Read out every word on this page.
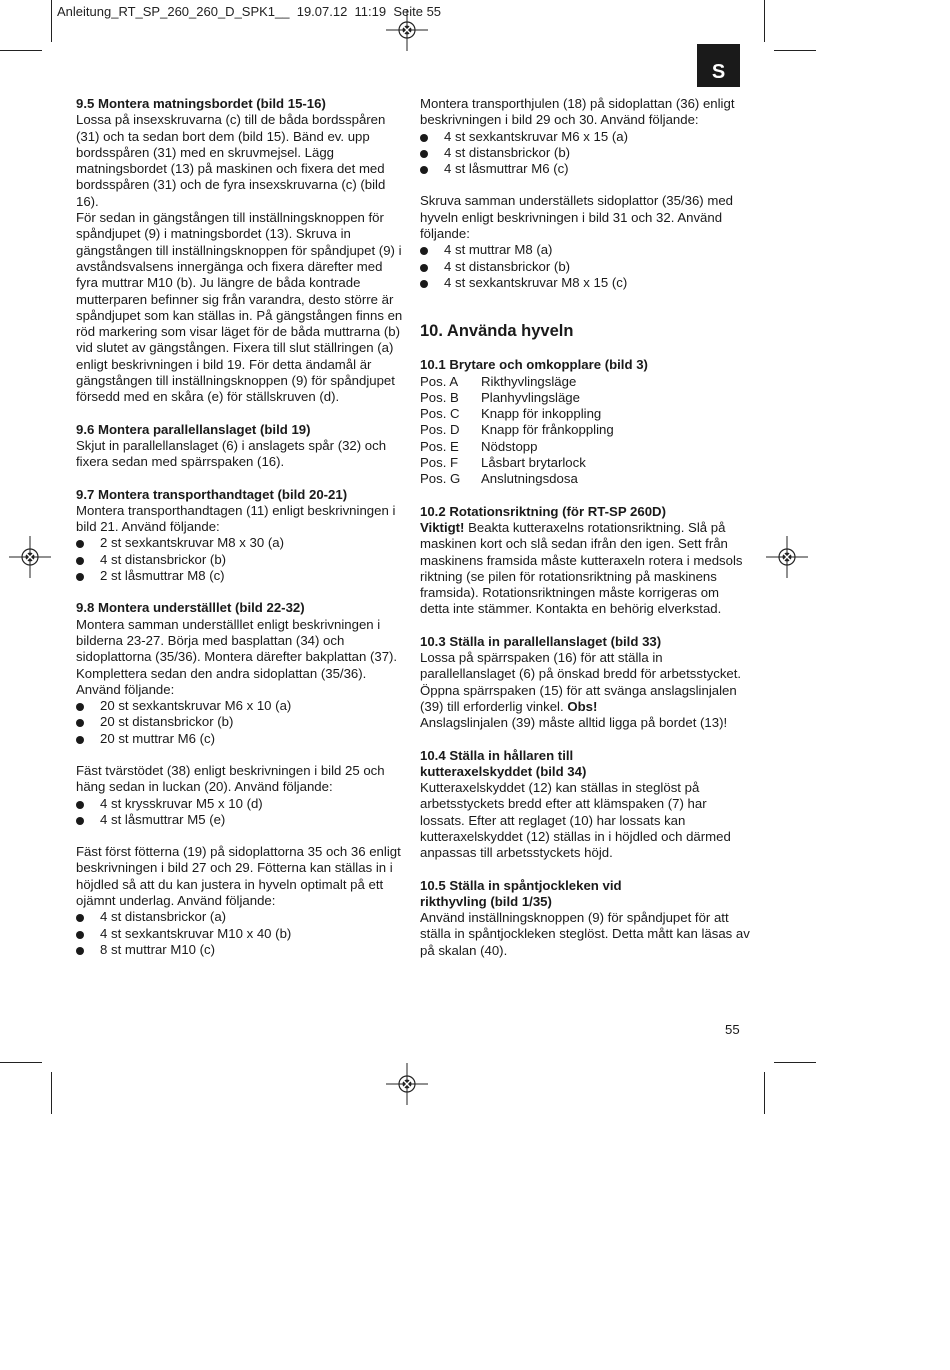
Anleitung_RT_SP_260_260_D_SPK1__  19.07.12  11:19  Seite 55
S

9.5 Montera matningsbordet (bild 15-16)

Lossa på insexskruvarna (c) till de båda bordsspåren (31) och ta sedan bort dem (bild 15). Bänd ev. upp bordsspåren (31) med en skruvmejsel. Lägg matningsbordet (13) på maskinen och fixera det med bordsspåren (31) och de fyra insexskruvarna (c) (bild 16).

För sedan in gängstången till inställningsknoppen för spåndjupet (9) i matningsbordet (13). Skruva in gängstången till inställningsknoppen för spåndjupet (9) i avståndsvalsens innergänga och fixera därefter med fyra muttrar M10 (b). Ju längre de båda kontrade mutterparen befinner sig från varandra, desto större är spåndjupet som kan ställas in. På gängstången finns en röd markering som visar läget för de båda muttrarna (b) vid slutet av gängstången. Fixera till slut ställringen (a) enligt beskrivningen i bild 19. För detta ändamål är gängstången till inställningsknoppen (9) för spåndjupet försedd med en skåra (e) för ställskruven (d).

9.6 Montera parallellanslaget (bild 19)

Skjut in parallellanslaget (6) i anslagets spår (32) och fixera sedan med spärrspaken (16).

9.7 Montera transporthandtaget (bild 20-21)

Montera transporthandtagen (11) enligt beskrivningen i bild 21. Använd följande:

2 st sexkantskruvar M8 x 30 (a)
4 st distansbrickor (b)
2 st låsmuttrar M8 (c)

9.8 Montera underställlet (bild 22-32)

Montera samman underställlet enligt beskrivningen i bilderna 23-27. Börja med basplattan (34) och sidoplattorna (35/36). Montera därefter bakplattan (37). Komplettera sedan den andra sidoplattan (35/36). Använd följande:

20 st sexkantskruvar M6 x 10 (a)
20 st distansbrickor (b)
20 st muttrar M6 (c)

Fäst tvärstödet (38) enligt beskrivningen i bild 25 och häng sedan in luckan (20). Använd följande:

4 st krysskruvar M5 x 10 (d)
4 st låsmuttrar M5 (e)

Fäst först fötterna (19) på sidoplattorna 35 och 36 enligt beskrivningen i bild 27 och 29. Fötterna kan ställas in i höjdled så att du kan justera in hyveln optimalt på ett ojämnt underlag. Använd följande:

4 st distansbrickor (a)
4 st sexkantskruvar M10 x 40 (b)
8 st muttrar M10 (c)

Montera transporthjulen (18) på sidoplattan (36) enligt beskrivningen i bild 29 och 30. Använd följande:

4 st sexkantskruvar M6 x 15 (a)
4 st distansbrickor (b)
4 st låsmuttrar M6 (c)

Skruva samman underställets sidoplattor (35/36) med hyveln enligt beskrivningen i bild 31 och 32. Använd följande:

4 st muttrar M8 (a)
4 st distansbrickor (b)
4 st sexkantskruvar M8 x 15 (c)
10. Använda hyveln

10.1 Brytare och omkopplare (bild 3)

Pos. A	Rikthyvlingsläge
Pos. B	Planhyvlingsläge
Pos. C	Knapp för inkoppling
Pos. D	Knapp för frånkoppling
Pos. E	Nödstopp
Pos. F	Låsbart brytarlock
Pos. G	Anslutningsdosa

10.2 Rotationsriktning (för RT-SP 260D)

Viktigt! Beakta kutteraxelns rotationsriktning. Slå på maskinen kort och slå sedan ifrån den igen. Sett från maskinens framsida måste kutteraxeln rotera i medsols riktning (se pilen för rotationsriktning på maskinens framsida). Rotationsriktningen måste korrigeras om detta inte stämmer. Kontakta en behörig elverkstad.

10.3 Ställa in parallellanslaget (bild 33)

Lossa på spärrspaken (16) för att ställa in parallellanslaget (6) på önskad bredd för arbetsstycket. Öppna spärrspaken (15) för att svänga anslagslinjalen (39) till erforderlig vinkel. Obs!
Anslagslinjalen (39) måste alltid ligga på bordet (13)!

10.4 Ställa in hållaren till

kutteraxelskyddet (bild 34)

Kutteraxelskyddet (12) kan ställas in steglöst på arbetsstyckets bredd efter att klämspaken (7) har lossats. Efter att reglaget (10) har lossats kan kutteraxelskyddet (12) ställas in i höjdled och därmed anpassas till arbetsstyckets höjd.

10.5 Ställa in spåntjockleken vid

rikthyvling (bild 1/35)

Använd inställningsknoppen (9) för spåndjupet för att ställa in spåntjockleken steglöst. Detta mått kan läsas av på skalan (40).

55
